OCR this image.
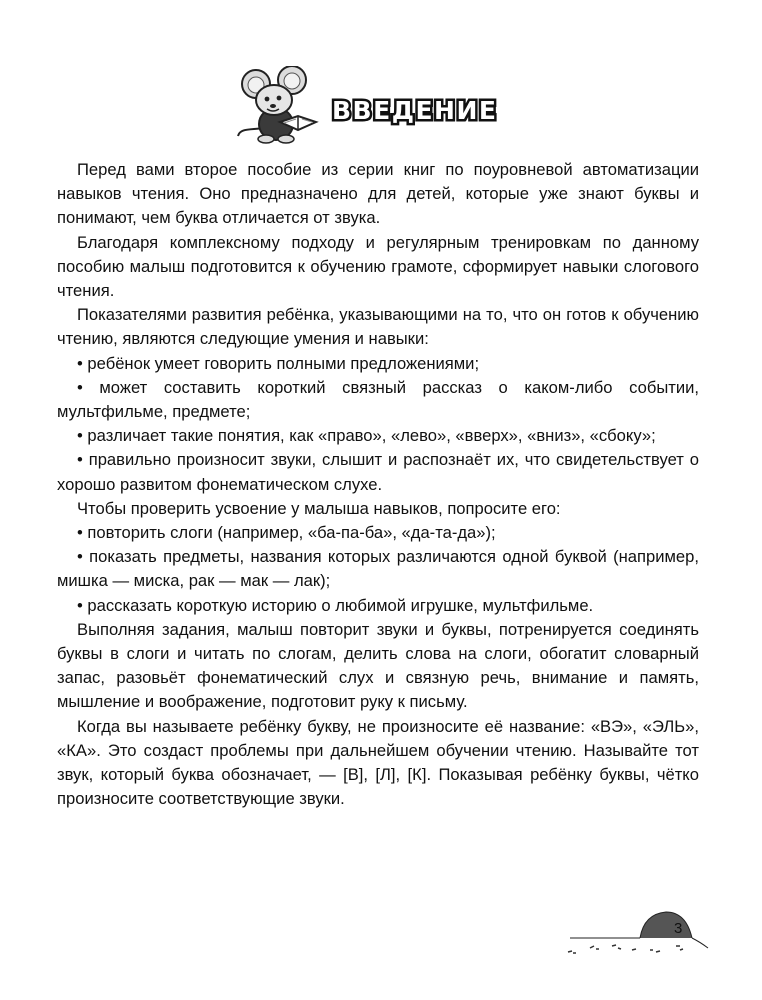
ВВЕДЕНИЕ

Перед вами второе пособие из серии книг по поуровневой автоматизации навыков чтения. Оно предназначено для детей, которые уже знают буквы и понимают, чем буква отличается от звука.

Благодаря комплексному подходу и регулярным тренировкам по данному пособию малыш подготовится к обучению грамоте, сформирует навыки слогового чтения.

Показателями развития ребёнка, указывающими на то, что он готов к обучению чтению, являются следующие умения и навыки:

• ребёнок умеет говорить полными предложениями;

• может составить короткий связный рассказ о каком-либо событии, мультфильме, предмете;

• различает такие понятия, как «право», «лево», «вверх», «вниз», «сбоку»;

• правильно произносит звуки, слышит и распознаёт их, что свидетельствует о хорошо развитом фонематическом слухе.

Чтобы проверить усвоение у малыша навыков, попросите его:

• повторить слоги (например, «ба-па-ба», «да-та-да»);

• показать предметы, названия которых различаются одной буквой (например, мишка — миска, рак — мак — лак);

• рассказать короткую историю о любимой игрушке, мультфильме.

Выполняя задания, малыш повторит звуки и буквы, потренируется соединять буквы в слоги и читать по слогам, делить слова на слоги, обогатит словарный запас, разовьёт фонематический слух и связную речь, внимание и память, мышление и воображение, подготовит руку к письму.

Когда вы называете ребёнку букву, не произносите её название: «ВЭ», «ЭЛЬ», «КА». Это создаст проблемы при дальнейшем обучении чтению. Называйте тот звук, который буква обозначает, — [В], [Л], [К]. Показывая ребёнку буквы, чётко произносите соответствующие звуки.

3
